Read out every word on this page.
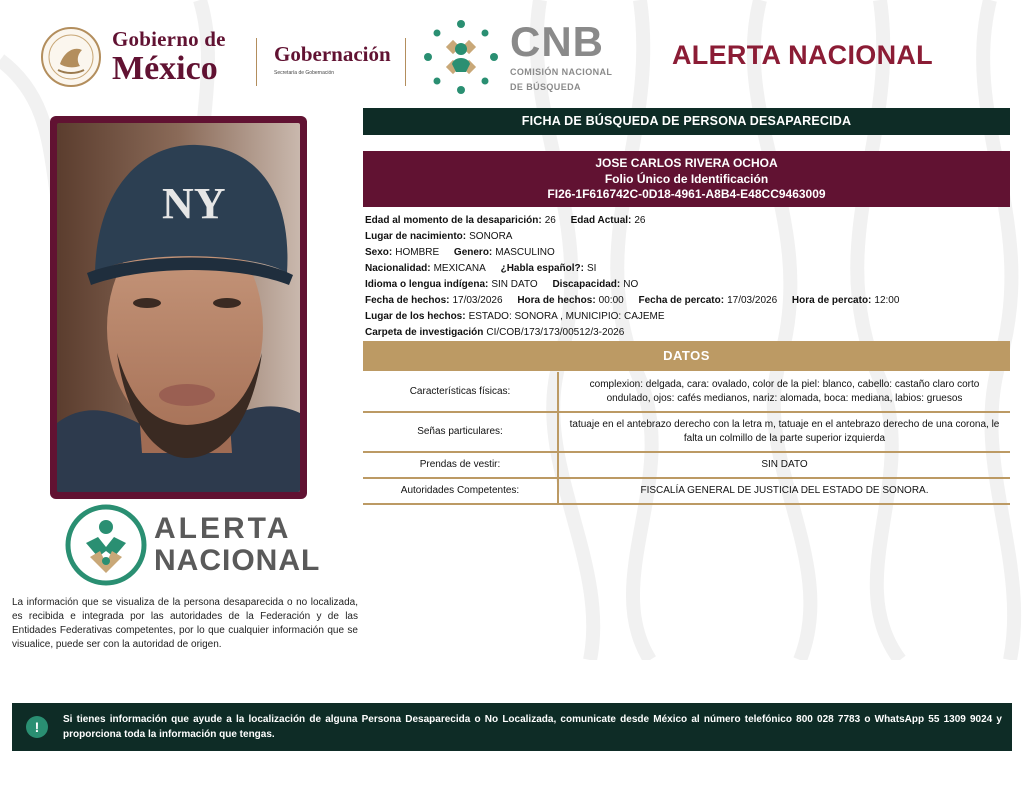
Gobierno de
México	Gobernación
Secretaría de Gobernación
CNB
COMISIÓN NACIONAL
DE BÚSQUEDA
ALERTA NACIONAL
NY
ALERTA
NACIONAL
La información que se visualiza de la persona desaparecida o no localizada, es recibida e integrada por las autoridades de la Federación y de las Entidades Federativas competentes, por lo que cualquier información que se visualice, puede ser con la autoridad de origen.
FICHA DE BÚSQUEDA DE PERSONA DESAPARECIDA
JOSE CARLOS RIVERA OCHOA
Folio Único de Identificación
FI26-1F616742C-0D18-4961-A8B4-E48CC9463009
Edad al momento de la desaparición: 26 Edad Actual: 26
Lugar de nacimiento: SONORA
Sexo: HOMBRE Genero: MASCULINO
Nacionalidad: MEXICANA ¿Habla español?: SI
Idioma o lengua indígena: SIN DATO Discapacidad: NO
Fecha de hechos: 17/03/2026 Hora de hechos: 00:00 Fecha de percato: 17/03/2026 Hora de percato: 12:00
Lugar de los hechos: ESTADO: SONORA , MUNICIPIO: CAJEME
Carpeta de investigación CI/COB/173/173/00512/3-2026
DATOS
Características físicas:	complexion: delgada, cara: ovalado, color de la piel: blanco, cabello: castaño claro corto ondulado, ojos: cafés medianos, nariz: alomada, boca: mediana, labios: gruesos
Señas particulares:	tatuaje en el antebrazo derecho con la letra m, tatuaje en el antebrazo derecho de una corona, le falta un colmillo de la parte superior izquierda
Prendas de vestir:	SIN DATO
Autoridades Competentes:	FISCALÍA GENERAL DE JUSTICIA DEL ESTADO DE SONORA.
!	Si tienes información que ayude a la localización de alguna Persona Desaparecida o No Localizada, comunicate desde México al número telefónico 800 028 7783 o WhatsApp 55 1309 9024 y proporciona toda la información que tengas.
